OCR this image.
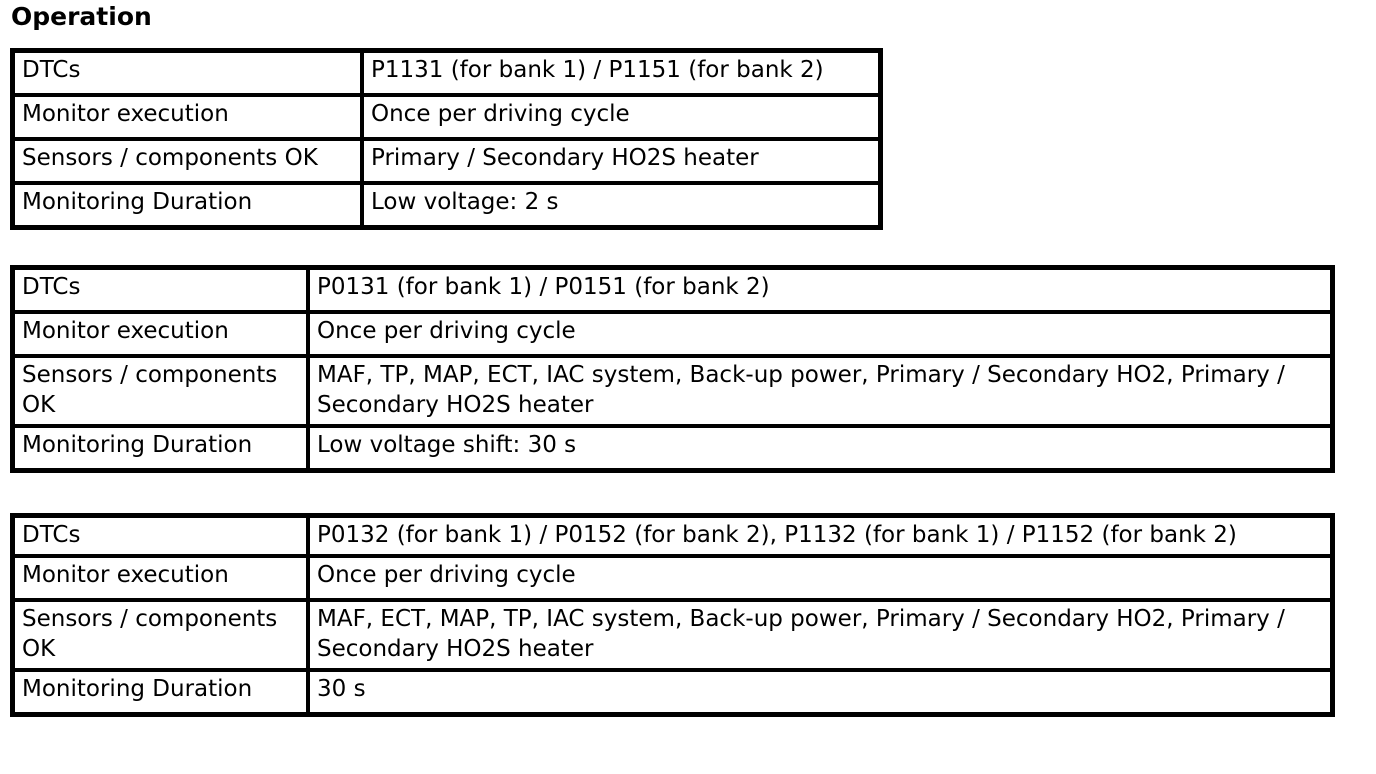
Operation
DTCs	P1131 (for bank 1) / P1151 (for bank 2)
Monitor execution	Once per driving cycle
Sensors / components OK	Primary / Secondary HO2S heater
Monitoring Duration	Low voltage: 2 s
DTCs	P0131 (for bank 1) / P0151 (for bank 2)
Monitor execution	Once per driving cycle
Sensors / components OK	MAF, TP, MAP, ECT, IAC system, Back-up power, Primary / Secondary HO2, Primary / Secondary HO2S heater
Monitoring Duration	Low voltage shift: 30 s
DTCs	P0132 (for bank 1) / P0152 (for bank 2), P1132 (for bank 1) / P1152 (for bank 2)
Monitor execution	Once per driving cycle
Sensors / components OK	MAF, ECT, MAP, TP, IAC system, Back-up power, Primary / Secondary HO2, Primary / Secondary HO2S heater
Monitoring Duration	30 s
